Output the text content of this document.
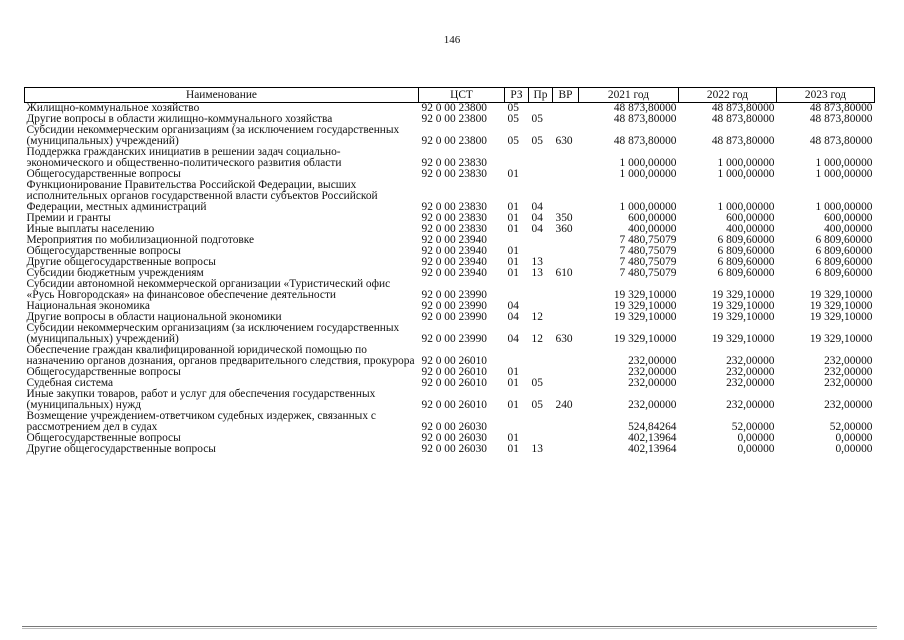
146
Наименование	ЦСТ	РЗ	Пр	ВР	2021 год	2022 год	2023 год
Жилищно-коммунальное хозяйство	92 0 00 23800	05			48 873,80000	48 873,80000	48 873,80000
Другие вопросы в области жилищно-коммунального хозяйства	92 0 00 23800	05	05		48 873,80000	48 873,80000	48 873,80000
Субсидии некоммерческим организациям (за исключением государственных (муниципальных) учреждений)	92 0 00 23800	05	05	630	48 873,80000	48 873,80000	48 873,80000
Поддержка гражданских инициатив в решении задач социально-экономического и общественно-политического развития области	92 0 00 23830				1 000,00000	1 000,00000	1 000,00000
Общегосударственные вопросы	92 0 00 23830	01			1 000,00000	1 000,00000	1 000,00000
Функционирование Правительства Российской Федерации, высших исполнительных органов государственной власти субъектов Российской Федерации, местных администраций	92 0 00 23830	01	04		1 000,00000	1 000,00000	1 000,00000
Премии и гранты	92 0 00 23830	01	04	350	600,00000	600,00000	600,00000
Иные выплаты населению	92 0 00 23830	01	04	360	400,00000	400,00000	400,00000
Мероприятия по мобилизационной подготовке	92 0 00 23940				7 480,75079	6 809,60000	6 809,60000
Общегосударственные вопросы	92 0 00 23940	01			7 480,75079	6 809,60000	6 809,60000
Другие общегосударственные вопросы	92 0 00 23940	01	13		7 480,75079	6 809,60000	6 809,60000
Субсидии бюджетным учреждениям	92 0 00 23940	01	13	610	7 480,75079	6 809,60000	6 809,60000
Субсидии автономной некоммерческой организации «Туристический офис «Русь Новгородская» на финансовое обеспечение деятельности	92 0 00 23990				19 329,10000	19 329,10000	19 329,10000
Национальная экономика	92 0 00 23990	04			19 329,10000	19 329,10000	19 329,10000
Другие вопросы в области национальной экономики	92 0 00 23990	04	12		19 329,10000	19 329,10000	19 329,10000
Субсидии некоммерческим организациям (за исключением государственных (муниципальных) учреждений)	92 0 00 23990	04	12	630	19 329,10000	19 329,10000	19 329,10000
Обеспечение граждан квалифицированной юридической помощью по назначению органов дознания, органов предварительного следствия, прокурора	92 0 00 26010				232,00000	232,00000	232,00000
Общегосударственные вопросы	92 0 00 26010	01			232,00000	232,00000	232,00000
Судебная система	92 0 00 26010	01	05		232,00000	232,00000	232,00000
Иные закупки товаров, работ и услуг для обеспечения государственных (муниципальных) нужд	92 0 00 26010	01	05	240	232,00000	232,00000	232,00000
Возмещение учреждением-ответчиком судебных издержек, связанных с рассмотрением дел в судах	92 0 00 26030				524,84264	52,00000	52,00000
Общегосударственные вопросы	92 0 00 26030	01			402,13964	0,00000	0,00000
Другие общегосударственные вопросы	92 0 00 26030	01	13		402,13964	0,00000	0,00000
